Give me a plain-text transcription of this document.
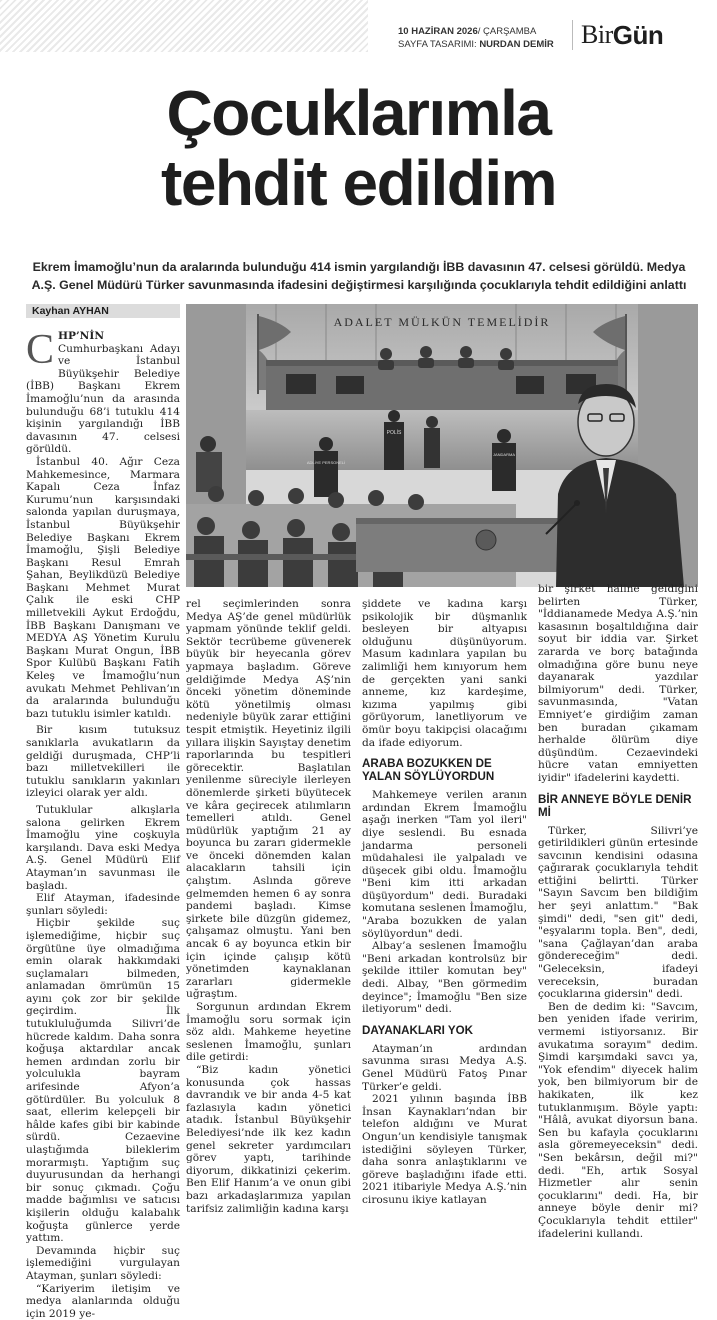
10 HAZİRAN 2026/ ÇARŞAMBA
SAYFA TASARIMI: NURDAN DEMİR	Bir Gün
Çocuklarımla
tehdit edildim
Ekrem İmamoğlu’nun da aralarında bulunduğu 414 ismin yargılandığı İBB davasının 47. celsesi görüldü. Medya A.Ş. Genel Müdürü Türker savunmasında ifadesini değiştirmesi karşılığında çocuklarıyla tehdit edildiğini anlattı
Kayhan AYHAN
ADALET MÜLKÜN TEMELİDİR
POLİS
ADLİYE PERSONELİ
JANDARMA

CHP’NİN Cumhurbaşkanı Adayı ve İstanbul Büyükşehir Belediye (İBB) Başkanı Ekrem İmamoğlu’nun da arasında bulunduğu 68’i tutuklu 414 kişinin yargılandığı İBB davasının 47. celsesi görüldü.

İstanbul 40. Ağır Ceza Mahkemesince, Marmara Kapalı Ceza İnfaz Kurumu’nun karşısındaki salonda yapılan duruşmaya, İstanbul Büyükşehir Belediye Başkanı Ekrem İmamoğlu, Şişli Belediye Başkanı Resul Emrah Şahan, Beylikdüzü Belediye Başkanı Mehmet Murat Çalık ile eski CHP milletvekili Aykut Erdoğdu, İBB Başkanı Danışmanı ve MEDYA AŞ Yönetim Kurulu Başkanı Murat Ongun, İBB Spor Kulübü Başkanı Fatih Keleş ve İmamoğlu’nun avukatı Mehmet Pehlivan’ın da aralarında bulunduğu bazı tutuklu isimler katıldı.

Bir kısım tutuksuz sanıklarla avukatların da geldiği duruşmada, CHP’li bazı milletvekilleri ile tutuklu sanıkların yakınları izleyici olarak yer aldı.

Tutuklular alkışlarla salona gelirken Ekrem İmamoğlu yine coşkuyla karşılandı. Dava eski Medya A.Ş. Genel Müdürü Elif Atayman’ın savunması ile başladı.

Elif Atayman, ifadesinde şunları söyledi:

Hiçbir şekilde suç işlemediğime, hiçbir suç örgütüne üye olmadığıma emin olarak hakkımdaki suçlamaları bilmeden, anlamadan ömrümün 15 ayını çok zor bir şekilde geçirdim. İlk tutukluluğumda Silivri’de hücrede kaldım. Daha sonra koğuşa aktardılar ancak hemen ardından zorlu bir yolculukla bayram arifesinde Afyon’a götürdüler. Bu yolculuk 8 saat, ellerim kelepçeli bir hâlde kafes gibi bir kabinde sürdü. Cezaevine ulaştığımda bileklerim morarmıştı. Yaptığım suç duyurusundan da herhangi bir sonuç çıkmadı. Çoğu madde bağımlısı ve satıcısı kişilerin olduğu kalabalık koğuşta günlerce yerde yattım.

Devamında hiçbir suç işlemediğini vurgulayan Atayman, şunları söyledi:

“Kariyerim iletişim ve medya alanlarında olduğu için 2019 ye-

rel seçimlerinden sonra Medya AŞ’de genel müdürlük yapmam yönünde teklif geldi. Sektör tecrübeme güvenerek büyük bir heyecanla görev yapmaya başladım. Göreve geldiğimde Medya AŞ’nin önceki yönetim döneminde kötü yönetilmiş olması nedeniyle büyük zarar ettiğini tespit etmiştik. Heyetiniz ilgili yıllara ilişkin Sayıştay denetim raporlarında bu tespitleri görecektir. Başlatılan yenilenme süreciyle ilerleyen dönemlerde şirketi büyütecek ve kâra geçirecek atılımların temelleri atıldı. Genel müdürlük yaptığım 21 ay boyunca bu zararı gidermekle ve önceki dönemden kalan alacakların tahsili için çalıştım. Aslında göreve gelmemden hemen 6 ay sonra pandemi başladı. Kimse şirkete bile düzgün gidemez, çalışamaz olmuştu. Yani ben ancak 6 ay boyunca etkin bir için içinde çalışıp kötü yönetimden kaynaklanan zararları gidermekle uğraştım.

Sorgunun ardından Ekrem İmamoğlu soru sormak için söz aldı. Mahkeme heyetine seslenen İmamoğlu, şunları dile getirdi:

“Biz kadın yönetici konusunda çok hassas davrandık ve bir anda 4-5 kat fazlasıyla kadın yönetici atadık. İstanbul Büyükşehir Belediyesi’nde ilk kez kadın genel sekreter yardımcıları görev yaptı, tarihinde diyorum, dikkatinizi çekerim. Ben Elif Hanım’a ve onun gibi bazı arkadaşlarımıza yapılan tarifsiz zalimliğin kadına karşı

şiddete ve kadına karşı psikolojik bir düşmanlık besleyen bir altyapısı olduğunu düşünüyorum. Masum kadınlara yapılan bu zalimliği hem kınıyorum hem de gerçekten yani sanki anneme, kız kardeşime, kızıma yapılmış gibi görüyorum, lanetliyorum ve ömür boyu takipçisi olacağımı da ifade ediyorum.

ARABA BOZUKKEN DE YALAN SÖYLÜYORDUN

Mahkemeye verilen aranın ardından Ekrem İmamoğlu aşağı inerken "Tam yol ileri" diye seslendi. Bu esnada jandarma personeli müdahalesi ile yalpaladı ve düşecek gibi oldu. İmamoğlu "Beni kim itti arkadan düşüyordum" dedi. Buradaki komutana seslenen İmamoğlu, "Araba bozukken de yalan söylüyordun" dedi.

Albay’a seslenen İmamoğlu "Beni arkadan kontrolsüz bir şekilde ittiler komutan bey" dedi. Albay, "Ben görmedim deyince"; İmamoğlu "Ben size iletiyorum" dedi.

DAYANAKLARI YOK

Atayman’ın ardından savunma sırası Medya A.Ş. Genel Müdürü Fatoş Pınar Türker’e geldi.

2021 yılının başında İBB İnsan Kaynakları’ndan bir telefon aldığını ve Murat Ongun’un kendisiyle tanışmak istediğini söyleyen Türker, daha sonra anlaştıklarını ve göreve başladığını ifade etti. 2021 itibariyle Medya A.Ş.’nin cirosunu ikiye katlayan

bir şirket haline geldiğini belirten Türker, "İddianamede Medya A.Ş.’nin kasasının boşaltıldığına dair soyut bir iddia var. Şirket zararda ve borç batağında olmadığına göre bunu neye dayanarak yazdılar bilmiyorum" dedi. Türker, savunmasında, "Vatan Emniyet’e girdiğim zaman ben buradan çıkamam herhalde ölürüm diye düşündüm. Cezaevindeki hücre vatan emniyetten iyidir" ifadelerini kaydetti.

BİR ANNEYE BÖYLE DENİR Mİ

Türker, Silivri’ye getirildikleri günün ertesinde savcının kendisini odasına çağırarak çocuklarıyla tehdit ettiğini belirtti. Türker "Sayın Savcım ben bildiğim her şeyi anlattım." "Bak şimdi" dedi, "sen git" dedi, "eşyalarını topla. Ben", dedi, "sana Çağlayan’dan araba göndereceğim" dedi. "Geleceksin, ifadeyi vereceksin, buradan çocuklarına gidersin" dedi.

Ben de dedim ki: "Savcım, ben yeniden ifade veririm, vermemi istiyorsanız. Bir avukatıma sorayım" dedim. Şimdi karşımdaki savcı ya, "Yok efendim" diyecek halim yok, ben bilmiyorum bir de hakikaten, ilk kez tutuklanmışım. Böyle yaptı: "Hâlâ, avukat diyorsun bana. Sen bu kafayla çocuklarını asla göremeyeceksin" dedi. "Sen bekârsın, değil mi?" dedi. "Eh, artık Sosyal Hizmetler alır senin çocuklarını" dedi. Ha, bir anneye böyle denir mi? Çocuklarıyla tehdit ettiler" ifadelerini kullandı.
